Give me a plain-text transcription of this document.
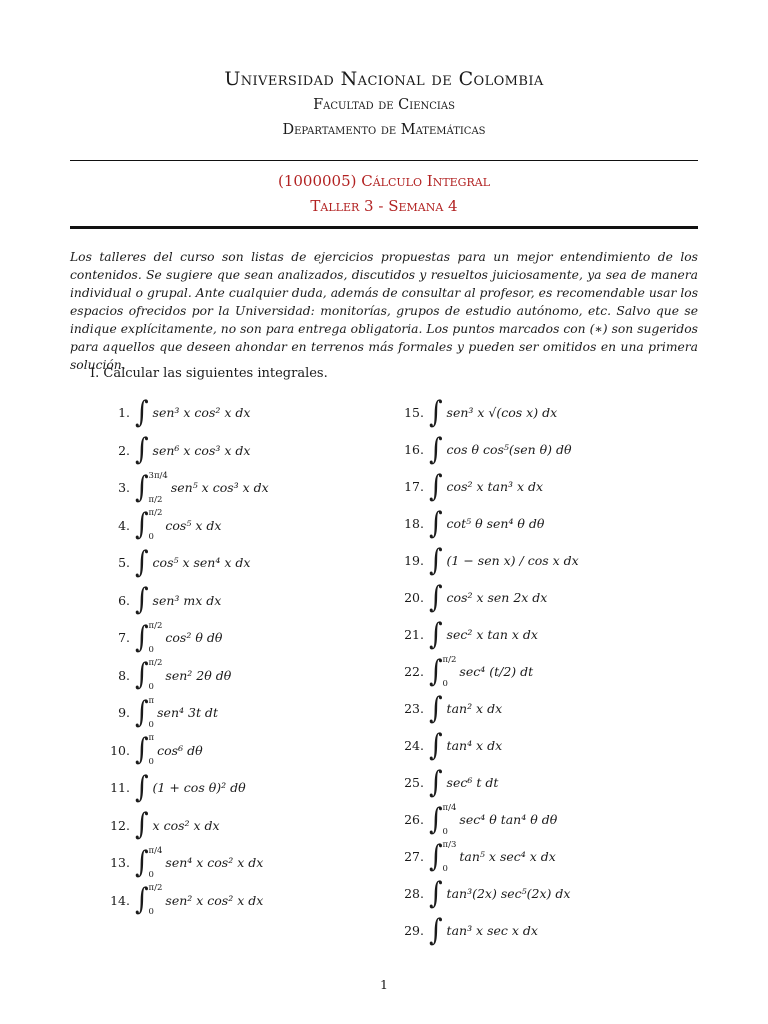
Universidad Nacional de Colombia
Facultad de Ciencias
Departamento de Matemáticas
(1000005) Cálculo Integral
Taller 3 - Semana 4

Los talleres del curso son listas de ejercicios propuestas para un mejor entendimiento de los contenidos. Se sugiere que sean analizados, discutidos y resueltos juiciosamente, ya sea de manera individual o grupal. Ante cualquier duda, además de consultar al profesor, es recomendable usar los espacios ofrecidos por la Universidad: monitorías, grupos de estudio autónomo, etc. Salvo que se indique explícitamente, no son para entrega obligatoria. Los puntos marcados con (∗) son sugeridos para aquellos que deseen ahondar en terrenos más formales y pueden ser omitidos en una primera solución.

I. Calcular las siguientes integrales.
1. ∫ sen³ x cos² x dx
2. ∫ sen⁶ x cos³ x dx
3. ∫ 3π/4
π/2
sen⁵ x cos³ x dx
4. ∫ π/2
0
cos⁵ x dx
5. ∫ cos⁵ x sen⁴ x dx
6. ∫ sen³ mx dx
7. ∫ π/2
0
cos² θ dθ
8. ∫ π/2
0
sen² 2θ dθ
9. ∫ π
0
sen⁴ 3t dt
10. ∫ π
0
cos⁶ dθ
11. ∫ (1 + cos θ)² dθ
12. ∫ x cos² x dx
13. ∫ π/4
0
sen⁴ x cos² x dx
14. ∫ π/2
0
sen² x cos² x dx
15. ∫ sen³ x √(cos x) dx
16. ∫ cos θ cos⁵(sen θ) dθ
17. ∫ cos² x tan³ x dx
18. ∫ cot⁵ θ sen⁴ θ dθ
19. ∫ (1 − sen x) / cos x dx
20. ∫ cos² x sen 2x dx
21. ∫ sec² x tan x dx
22. ∫ π/2
0
sec⁴ (t/2) dt
23. ∫ tan² x dx
24. ∫ tan⁴ x dx
25. ∫ sec⁶ t dt
26. ∫ π/4
0
sec⁴ θ tan⁴ θ dθ
27. ∫ π/3
0
tan⁵ x sec⁴ x dx
28. ∫ tan³(2x) sec⁵(2x) dx
29. ∫ tan³ x sec x dx
1
